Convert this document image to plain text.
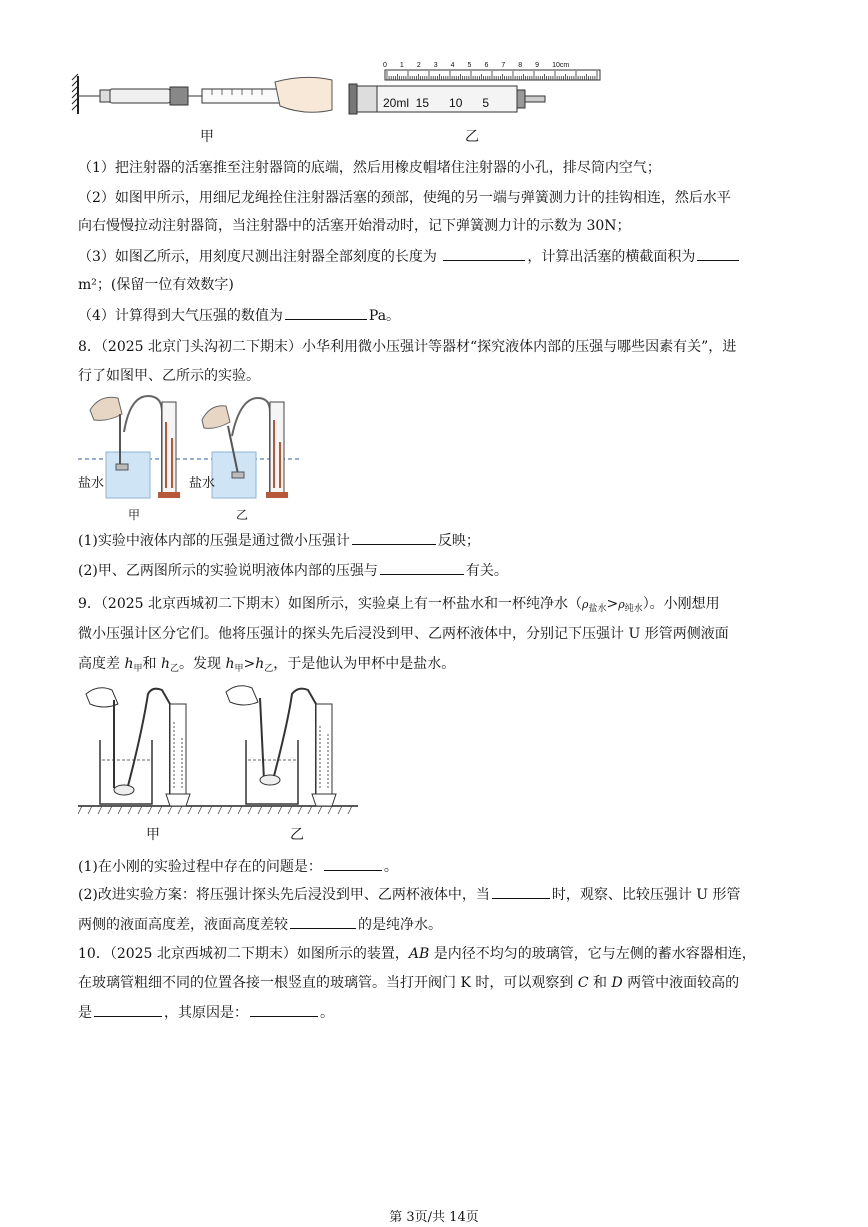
20ml  15      10      5
0 1 2 3 4 5 6 7 8 9 10cm
甲	乙
（1）把注射器的活塞推至注射器筒的底端，然后用橡皮帽堵住注射器的小孔，排尽筒内空气；
（2）如图甲所示，用细尼龙绳拴住注射器活塞的颈部，使绳的另一端与弹簧测力计的挂钩相连，然后水平
向右慢慢拉动注射器筒，当注射器中的活塞开始滑动时，记下弹簧测力计的示数为 30N；
（3）如图乙所示，用刻度尺测出注射器全部刻度的长度为	，计算出活塞的横截面积为
m²；(保留一位有效数字)
（4）计算得到大气压强的数值为	Pa。
8．（2025 北京门头沟初二下期末）小华利用微小压强计等器材“探究液体内部的压强与哪些因素有关”，进
行了如图甲、乙所示的实验。
盐水	盐水
甲	乙
(1)实验中液体内部的压强是通过微小压强计	反映；
(2)甲、乙两图所示的实验说明液体内部的压强与	有关。
9．（2025 北京西城初二下期末）如图所示，实验桌上有一杯盐水和一杯纯净水$(\rho_{盐水}>\rho_{纯水})$。小刚想用
微小压强计区分它们。他将压强计的探头先后浸没到甲、乙两杯液体中，分别记下压强计 U 形管两侧液面
高度差 $h_甲$和 $h_乙$。发现 $h_甲>h_乙$，于是他认为甲杯中是盐水。
甲	乙
(1)在小刚的实验过程中存在的问题是：	。
(2)改进实验方案：将压强计探头先后浸没到甲、乙两杯液体中，当	时，观察、比较压强计 U 形管
两侧的液面高度差，液面高度差较	的是纯净水。
10．（2025 北京西城初二下期末）如图所示的装置，AB 是内径不均匀的玻璃管，它与左侧的蓄水容器相连，
在玻璃管粗细不同的位置各接一根竖直的玻璃管。当打开阀门 K 时，可以观察到 C 和 D 两管中液面较高的
是	，其原因是：	。
第 3页/共 14页
